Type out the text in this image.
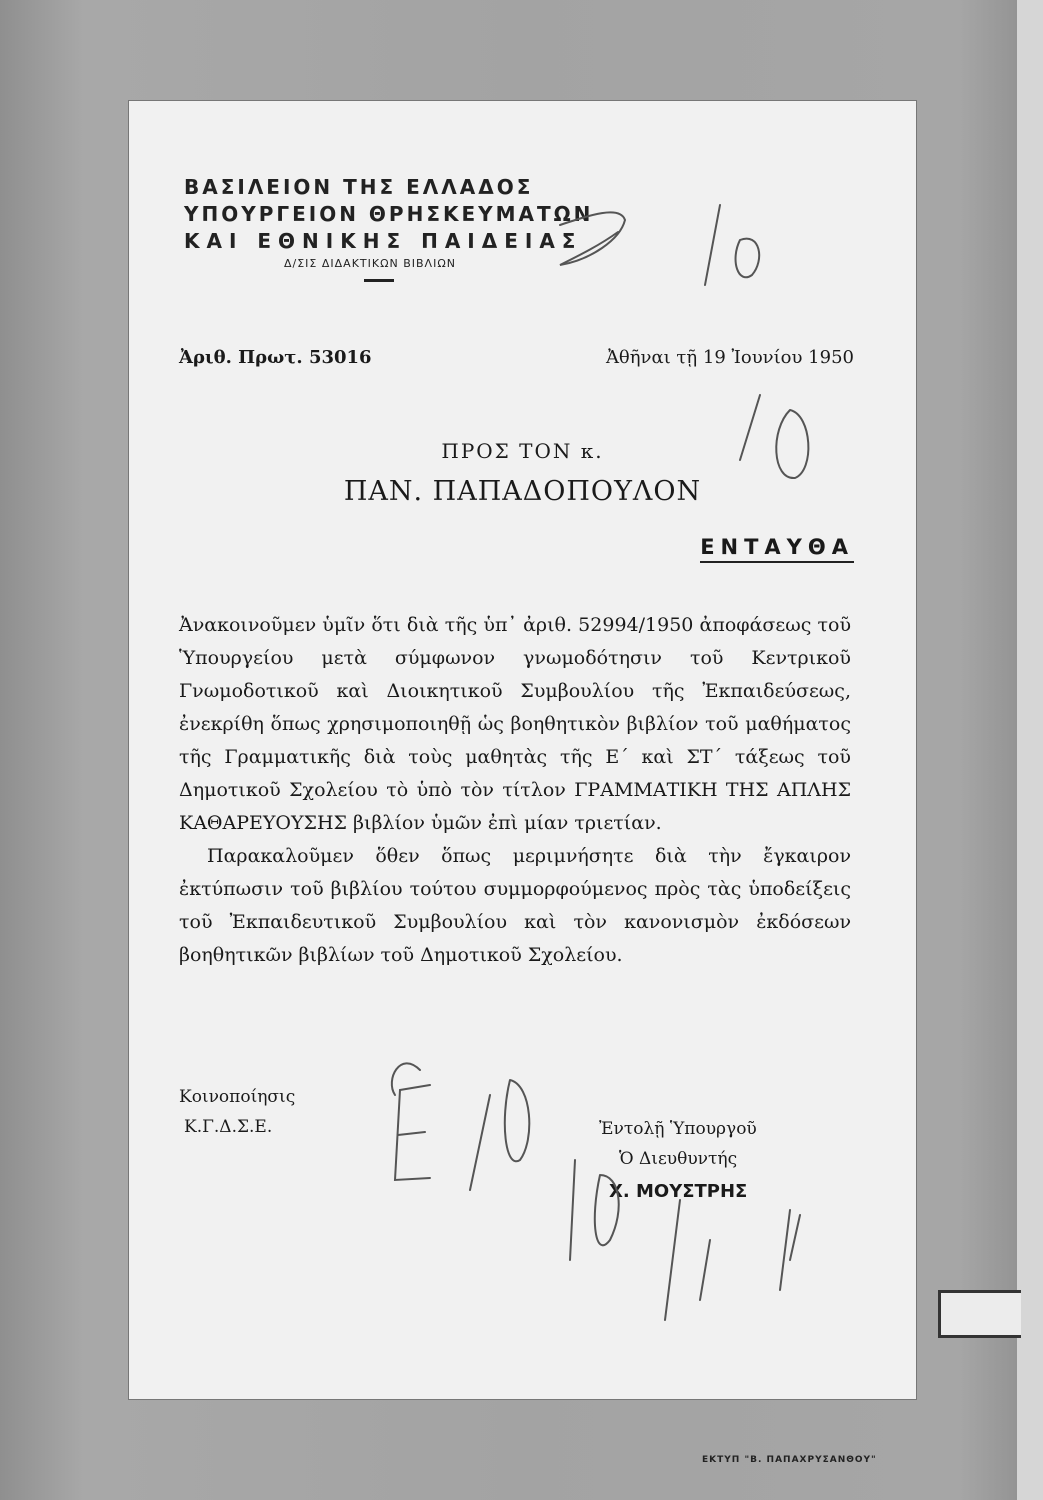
ΒΑΣΙΛΕΙΟΝ ΤΗΣ ΕΛΛΑΔΟΣ
ΥΠΟΥΡΓΕΙΟΝ ΘΡΗΣΚΕΥΜΑΤΩΝ
ΚΑΙ ΕΘΝΙΚΗΣ ΠΑΙΔΕΙΑΣ
Δ/ΣΙΣ ΔΙΔΑΚΤΙΚΩΝ ΒΙΒΛΙΩΝ
Ἀριθ. Πρωτ. 53016	Ἀθῆναι τῇ 19 Ἰουνίου 1950
ΠΡΟΣ ΤΟΝ κ.
ΠΑΝ. ΠΑΠΑΔΟΠΟΥΛΟΝ
ΕΝΤΑΥΘΑ

Ἀνακοινοῦμεν ὑμῖν ὅτι διὰ τῆς ὑπ᾽ ἀριθ. 52994/1950 ἀποφάσεως τοῦ Ὑπουργείου μετὰ σύμφωνον γνωμοδότησιν τοῦ Κεντρικοῦ Γνωμοδοτικοῦ καὶ Διοικητικοῦ Συμβουλίου τῆς Ἐκπαιδεύσεως, ἐνεκρίθη ὅπως χρησιμοποιηθῇ ὡς βοηθητικὸν βιβλίον τοῦ μαθήματος τῆς Γραμματικῆς διὰ τοὺς μαθητὰς τῆς Ε΄ καὶ ΣΤ΄ τάξεως τοῦ Δημοτικοῦ Σχολείου τὸ ὑπὸ τὸν τίτλον ΓΡΑΜΜΑΤΙΚΗ ΤΗΣ ΑΠΛΗΣ ΚΑΘΑΡΕΥΟΥΣΗΣ βιβλίον ὑμῶν ἐπὶ μίαν τριετίαν.

Παρακαλοῦμεν ὅθεν ὅπως μεριμνήσητε διὰ τὴν ἔγκαιρον ἐκτύπωσιν τοῦ βιβλίου τούτου συμμορφούμενος πρὸς τὰς ὑποδείξεις τοῦ Ἐκπαιδευτικοῦ Συμβουλίου καὶ τὸν κανονισμὸν ἐκδόσεων βοηθητικῶν βιβλίων τοῦ Δημοτικοῦ Σχολείου.

Κοινοποίησις
Κ.Γ.Δ.Σ.Ε.	Ἐντολῇ Ὑπουργοῦ
Ὁ Διευθυντής
Χ. ΜΟΥΣΤΡΗΣ
ΕΚΤΥΠ "Β. ΠΑΠΑΧΡΥΣΑΝΘΟΥ"
